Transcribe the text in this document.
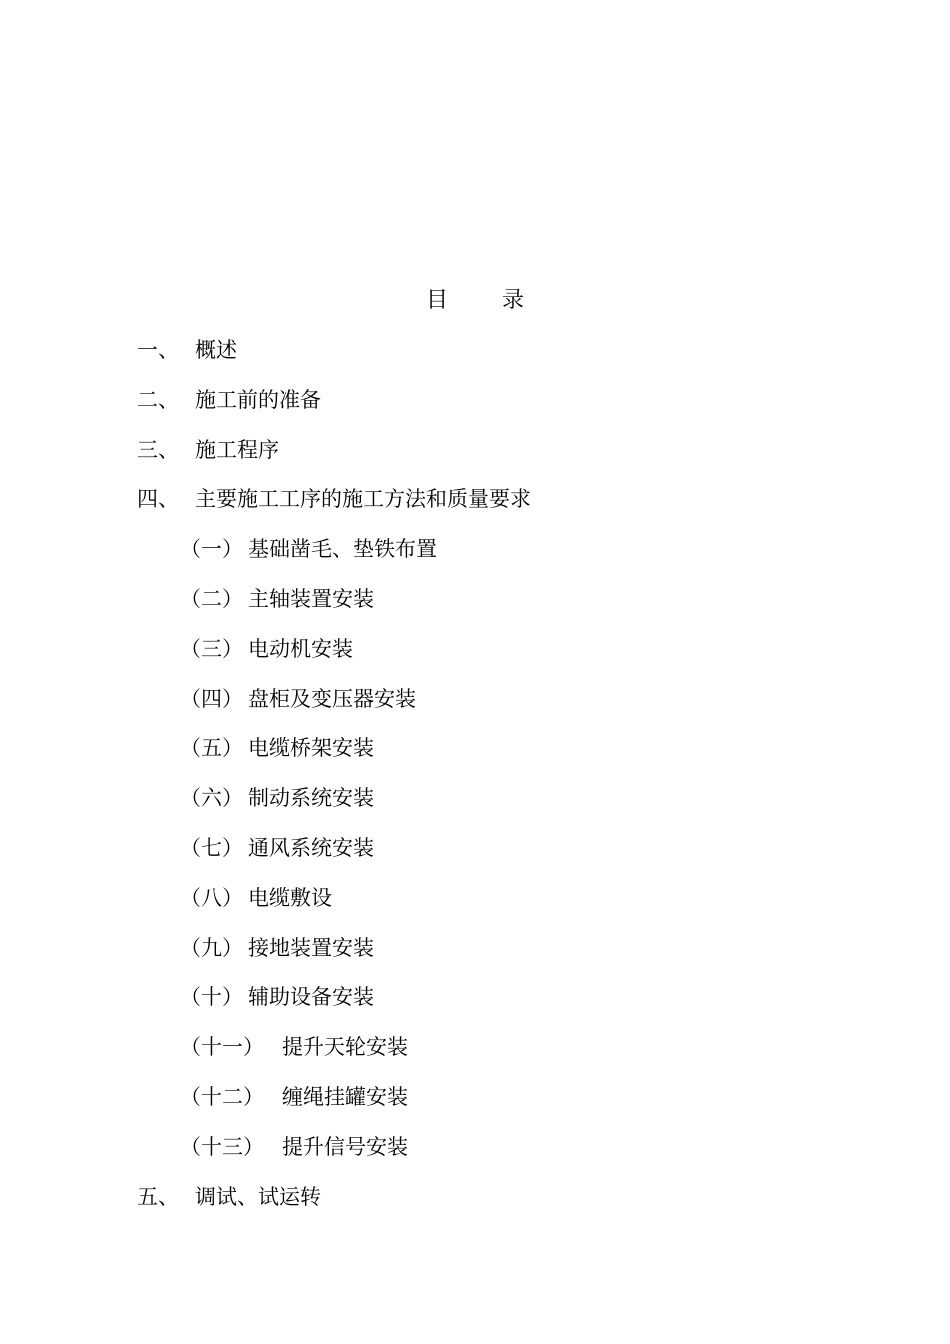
目 录
一、 概述
二、 施工前的准备
三、 施工程序
四、 主要施工工序的施工方法和质量要求
（一） 基础凿毛、垫铁布置
（二） 主轴装置安装
（三） 电动机安装
（四） 盘柜及变压器安装
（五） 电缆桥架安装
（六） 制动系统安装
（七） 通风系统安装
（八） 电缆敷设
（九） 接地装置安装
（十） 辅助设备安装
（十一） 提升天轮安装
（十二） 缠绳挂罐安装
（十三） 提升信号安装
五、 调试、试运转
